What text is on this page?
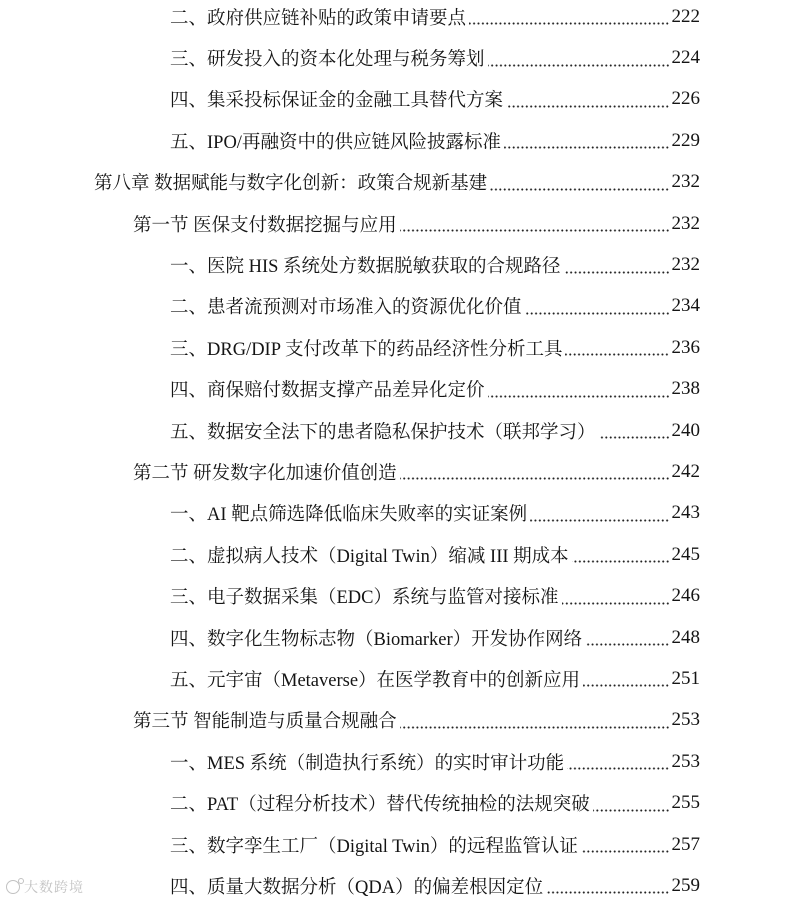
二、政府供应链补贴的政策申请要点	222
三、研发投入的资本化处理与税务筹划	224
四、集采投标保证金的金融工具替代方案	226
五、IPO/再融资中的供应链风险披露标准	229
第八章 数据赋能与数字化创新：政策合规新基建	232
第一节 医保支付数据挖掘与应用	232
一、医院 HIS 系统处方数据脱敏获取的合规路径	232
二、患者流预测对市场准入的资源优化价值	234
三、DRG/DIP 支付改革下的药品经济性分析工具	236
四、商保赔付数据支撑产品差异化定价	238
五、数据安全法下的患者隐私保护技术（联邦学习）	240
第二节 研发数字化加速价值创造	242
一、AI 靶点筛选降低临床失败率的实证案例	243
二、虚拟病人技术（Digital Twin）缩减 III 期成本	245
三、电子数据采集（EDC）系统与监管对接标准	246
四、数字化生物标志物（Biomarker）开发协作网络	248
五、元宇宙（Metaverse）在医学教育中的创新应用	251
第三节 智能制造与质量合规融合	253
一、MES 系统（制造执行系统）的实时审计功能	253
二、PAT（过程分析技术）替代传统抽检的法规突破	255
三、数字孪生工厂（Digital Twin）的远程监管认证	257
四、质量大数据分析（QDA）的偏差根因定位	259
大数跨境
